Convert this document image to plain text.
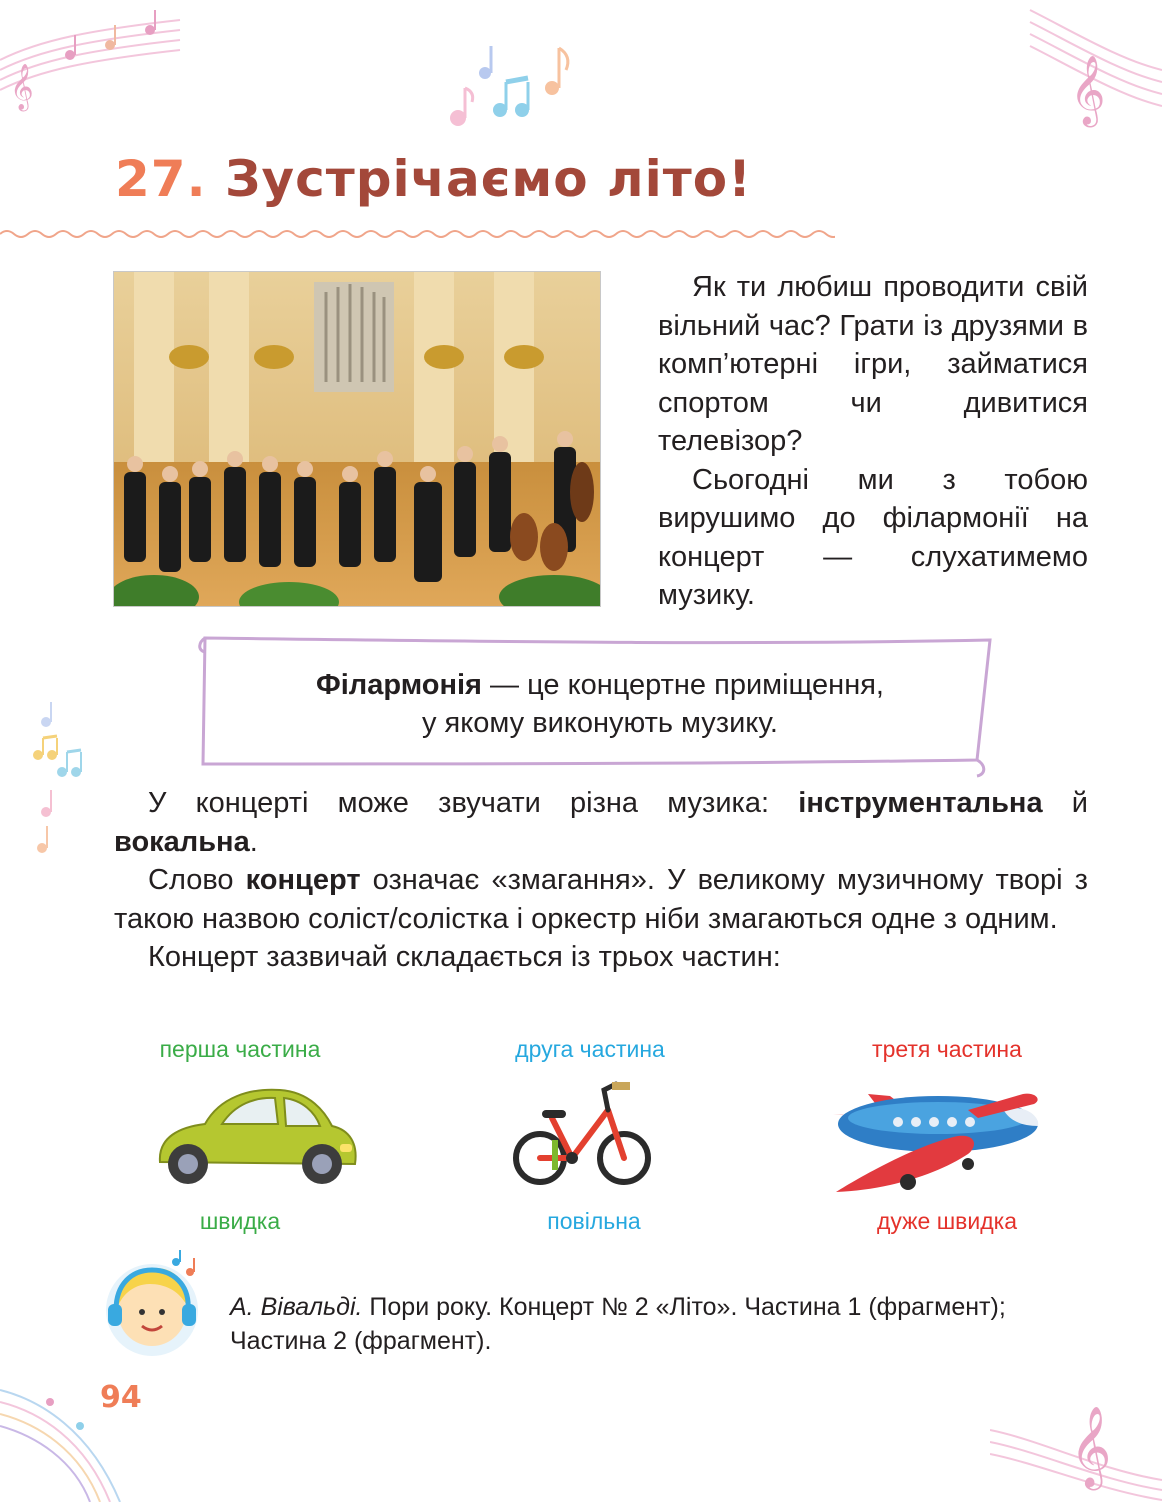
𝄞	𝄞
27. Зустрічаємо літо!

Як ти любиш проводити свій вільний час? Грати із друзями в комп’ютерні ігри, займатися спортом чи дивитися телевізор?

Сьогодні ми з тобою вирушимо до філармонії на концерт — слухатимемо музику.

Філармонія — це концертне приміщення,
у якому виконують музику.

У концерті може звучати різна музика: інструментальна й вокальна.

Слово концерт означає «змагання». У великому музичному творі з такою назвою соліст/солістка і оркестр ніби змагаються одне з одним.

Концерт зазвичай складається із трьох частин:

перша частина	друга частина	третя частина
швидка	повільна	дуже швидка
А. Вівальді. Пори року. Концерт № 2 «Літо». Частина 1 (фрагмент); Частина 2 (фрагмент).
94
𝄞
